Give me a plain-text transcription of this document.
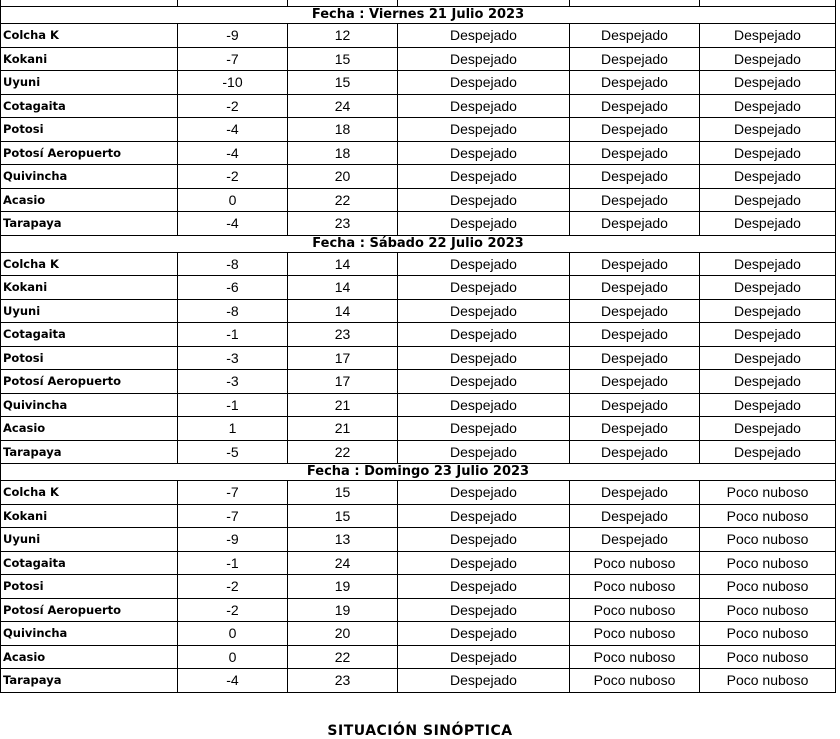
Fecha : Viernes 21 Julio 2023					
Colcha K	-9	12	Despejado	Despejado	Despejado
Kokani	-7	15	Despejado	Despejado	Despejado
Uyuni	-10	15	Despejado	Despejado	Despejado
Cotagaita	-2	24	Despejado	Despejado	Despejado
Potosi	-4	18	Despejado	Despejado	Despejado
Potosí Aeropuerto	-4	18	Despejado	Despejado	Despejado
Quivincha	-2	20	Despejado	Despejado	Despejado
Acasio	0	22	Despejado	Despejado	Despejado
Tarapaya	-4	23	Despejado	Despejado	Despejado
Fecha : Sábado 22 Julio 2023					
Colcha K	-8	14	Despejado	Despejado	Despejado
Kokani	-6	14	Despejado	Despejado	Despejado
Uyuni	-8	14	Despejado	Despejado	Despejado
Cotagaita	-1	23	Despejado	Despejado	Despejado
Potosi	-3	17	Despejado	Despejado	Despejado
Potosí Aeropuerto	-3	17	Despejado	Despejado	Despejado
Quivincha	-1	21	Despejado	Despejado	Despejado
Acasio	1	21	Despejado	Despejado	Despejado
Tarapaya	-5	22	Despejado	Despejado	Despejado
Fecha : Domingo 23 Julio 2023					
Colcha K	-7	15	Despejado	Despejado	Poco nuboso
Kokani	-7	15	Despejado	Despejado	Poco nuboso
Uyuni	-9	13	Despejado	Despejado	Poco nuboso
Cotagaita	-1	24	Despejado	Poco nuboso	Poco nuboso
Potosi	-2	19	Despejado	Poco nuboso	Poco nuboso
Potosí Aeropuerto	-2	19	Despejado	Poco nuboso	Poco nuboso
Quivincha	0	20	Despejado	Poco nuboso	Poco nuboso
Acasio	0	22	Despejado	Poco nuboso	Poco nuboso
Tarapaya	-4	23	Despejado	Poco nuboso	Poco nuboso
SITUACIÓN SINÓPTICA
